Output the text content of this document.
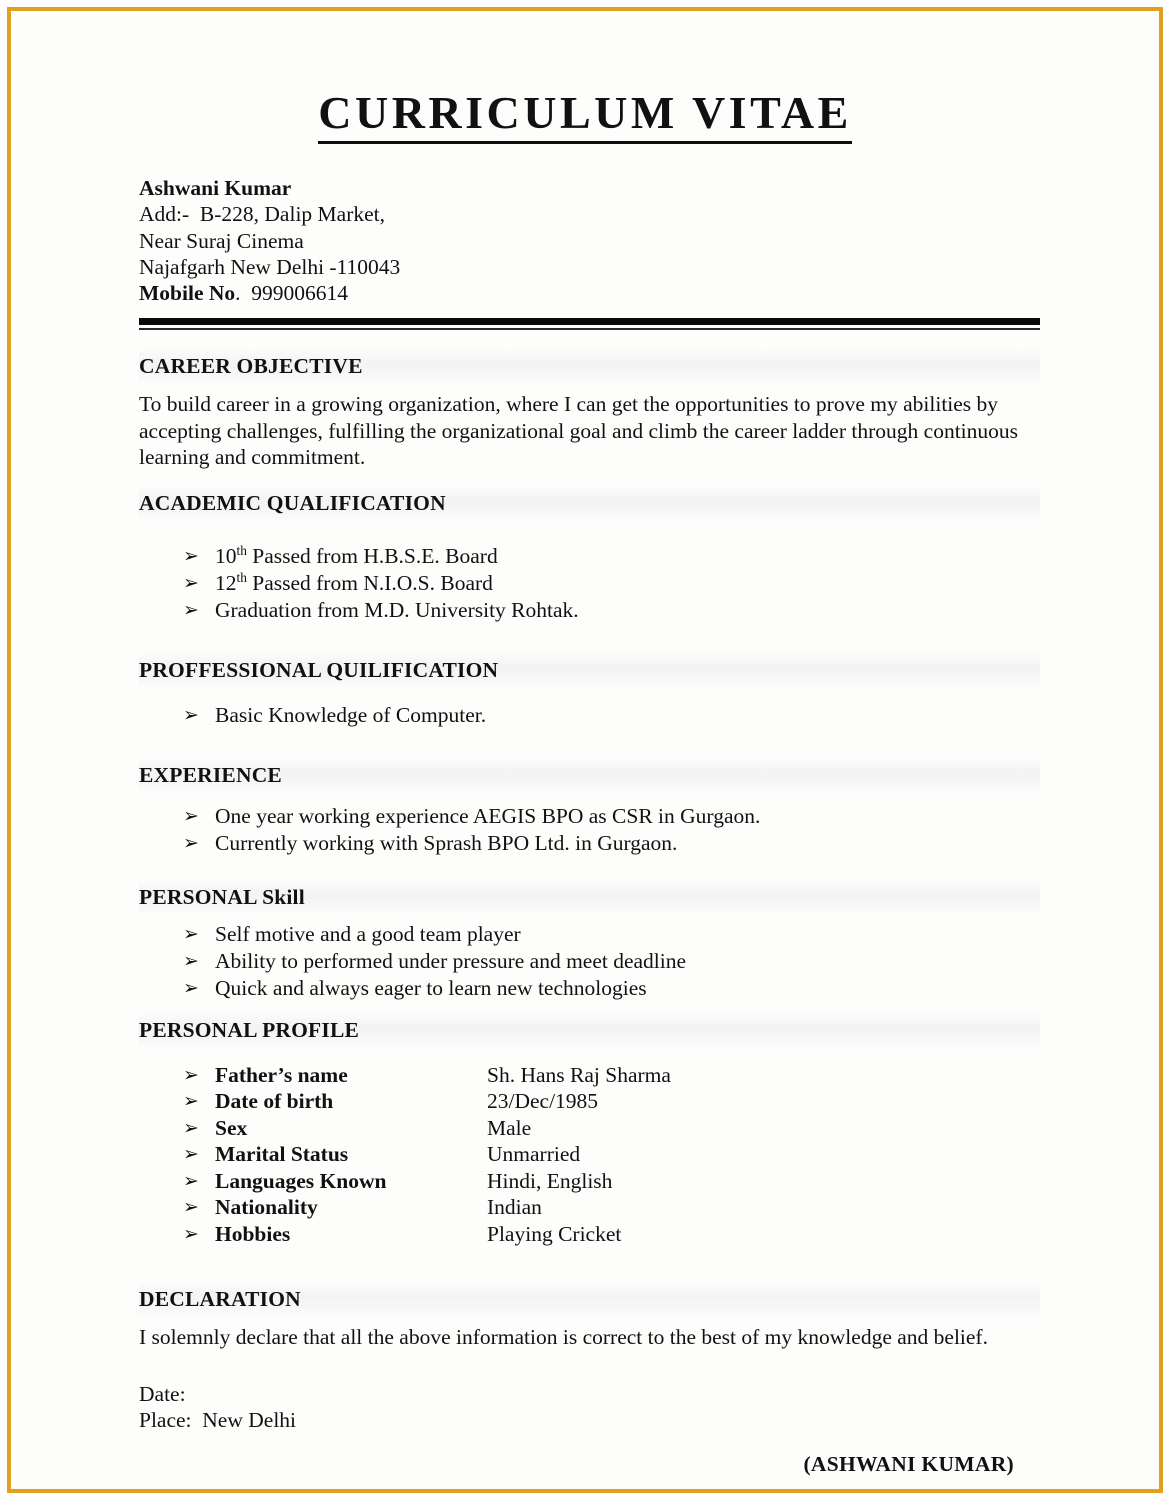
CURRICULUM VITAE
Ashwani Kumar
Add:-  B-228, Dalip Market,
Near Suraj Cinema
Najafgarh New Delhi -110043
Mobile No.  999006614
CAREER OBJECTIVE
To build career in a growing organization, where I can get the opportunities to prove my abilities by accepting challenges, fulfilling the organizational goal and climb the career ladder through continuous learning and commitment.
ACADEMIC QUALIFICATION
➢ 10th Passed from H.B.S.E. Board
➢ 12th Passed from N.I.O.S. Board
➢ Graduation from M.D. University Rohtak.
PROFFESSIONAL QUILIFICATION
➢ Basic Knowledge of Computer.
EXPERIENCE
➢ One year working experience AEGIS BPO as CSR in Gurgaon.
➢ Currently working with Sprash BPO Ltd. in Gurgaon.
PERSONAL Skill
➢ Self motive and a good team player
➢ Ability to performed under pressure and meet deadline
➢ Quick and always eager to learn new technologies
PERSONAL PROFILE
➢ Father’s name	Sh. Hans Raj Sharma
➢ Date of birth	23/Dec/1985
➢ Sex	Male
➢ Marital Status	Unmarried
➢ Languages Known	Hindi, English
➢ Nationality	Indian
➢ Hobbies	Playing Cricket
DECLARATION
I solemnly declare that all the above information is correct to the best of my knowledge and belief.
Date:
Place:  New Delhi
(ASHWANI KUMAR)
